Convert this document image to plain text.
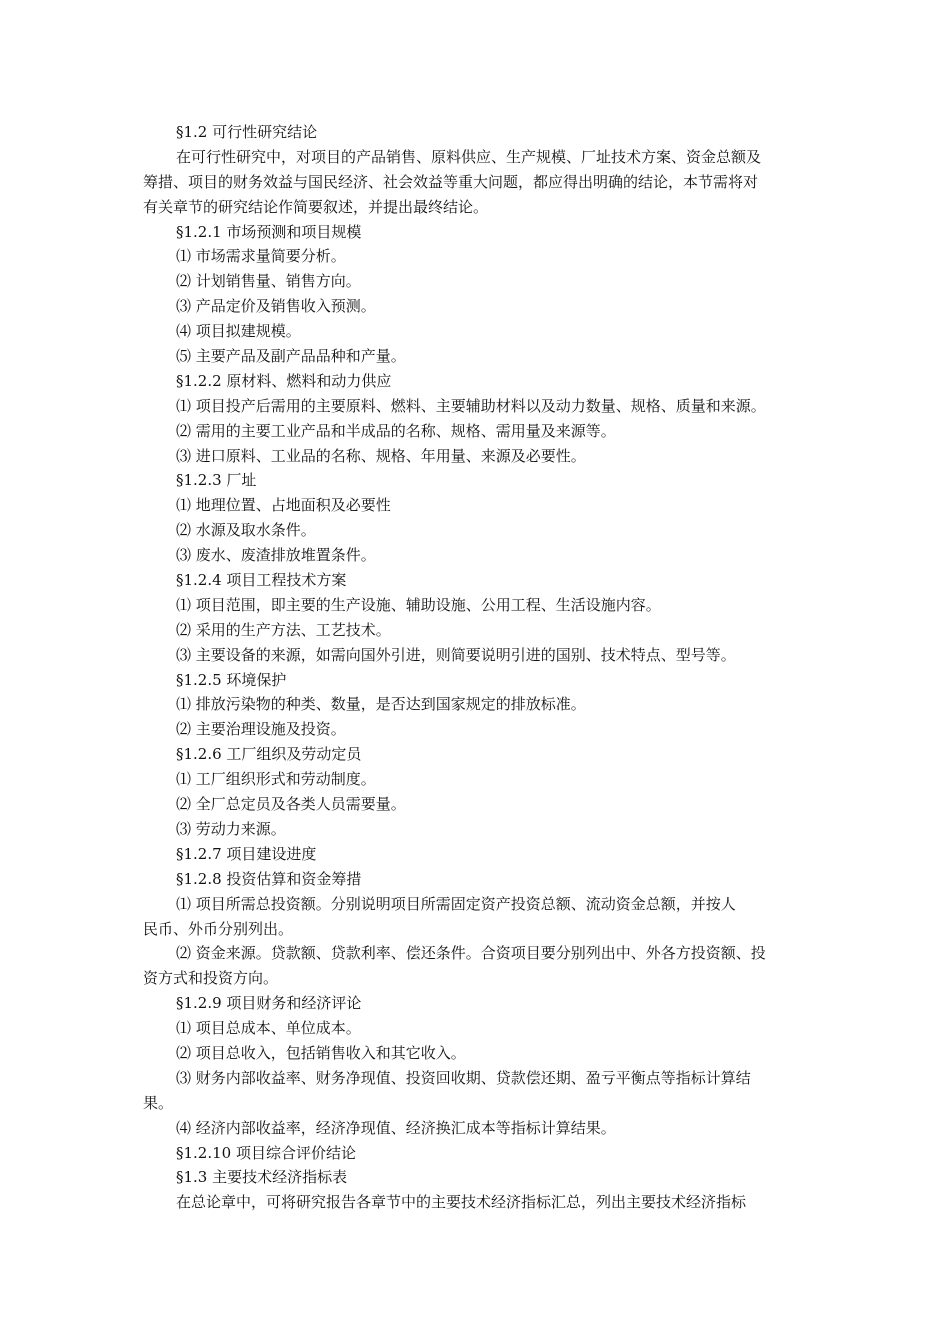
§1.2 可行性研究结论
在可行性研究中，对项目的产品销售、原料供应、生产规模、厂址技术方案、资金总额及
筹措、项目的财务效益与国民经济、社会效益等重大问题，都应得出明确的结论，本节需将对
有关章节的研究结论作简要叙述，并提出最终结论。
§1.2.1 市场预测和项目规模
⑴ 市场需求量简要分析。
⑵ 计划销售量、销售方向。
⑶ 产品定价及销售收入预测。
⑷ 项目拟建规模。
⑸ 主要产品及副产品品种和产量。
§1.2.2 原材料、燃料和动力供应
⑴ 项目投产后需用的主要原料、燃料、主要辅助材料以及动力数量、规格、质量和来源。
⑵ 需用的主要工业产品和半成品的名称、规格、需用量及来源等。
⑶ 进口原料、工业品的名称、规格、年用量、来源及必要性。
§1.2.3 厂址
⑴ 地理位置、占地面积及必要性
⑵ 水源及取水条件。
⑶ 废水、废渣排放堆置条件。
§1.2.4 项目工程技术方案
⑴ 项目范围，即主要的生产设施、辅助设施、公用工程、生活设施内容。
⑵ 采用的生产方法、工艺技术。
⑶ 主要设备的来源，如需向国外引进，则简要说明引进的国别、技术特点、型号等。
§1.2.5 环境保护
⑴ 排放污染物的种类、数量，是否达到国家规定的排放标准。
⑵ 主要治理设施及投资。
§1.2.6 工厂组织及劳动定员
⑴ 工厂组织形式和劳动制度。
⑵ 全厂总定员及各类人员需要量。
⑶ 劳动力来源。
§1.2.7 项目建设进度
§1.2.8 投资估算和资金筹措
⑴ 项目所需总投资额。分别说明项目所需固定资产投资总额、流动资金总额，并按人
民币、外币分别列出。
⑵ 资金来源。贷款额、贷款利率、偿还条件。合资项目要分别列出中、外各方投资额、投
资方式和投资方向。
§1.2.9 项目财务和经济评论
⑴ 项目总成本、单位成本。
⑵ 项目总收入，包括销售收入和其它收入。
⑶ 财务内部收益率、财务净现值、投资回收期、贷款偿还期、盈亏平衡点等指标计算结
果。
⑷ 经济内部收益率，经济净现值、经济换汇成本等指标计算结果。
§1.2.10 项目综合评价结论
§1.3 主要技术经济指标表
在总论章中，可将研究报告各章节中的主要技术经济指标汇总，列出主要技术经济指标
